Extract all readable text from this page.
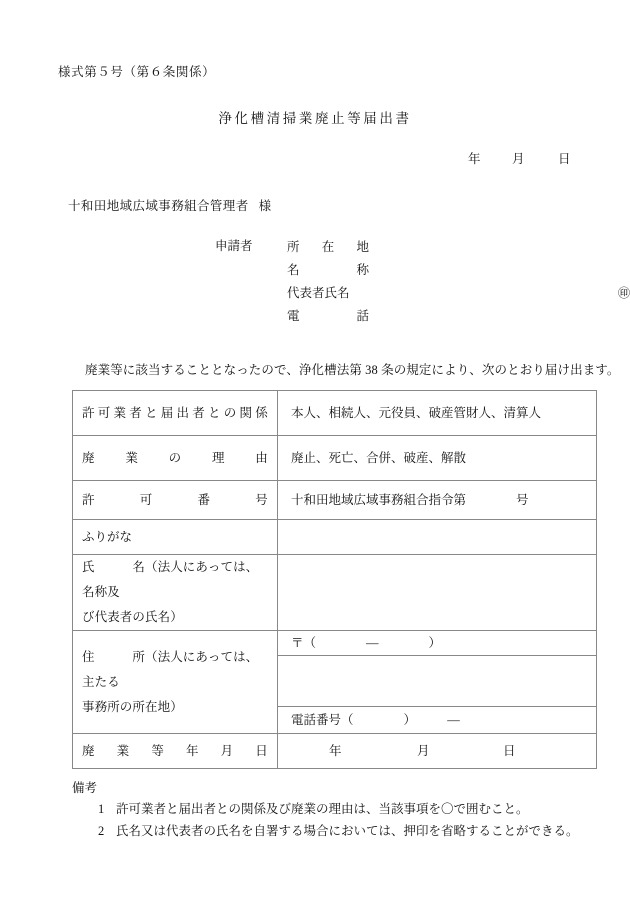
様式第５号（第６条関係）
浄化槽清掃業廃止等届出書
年	月	日
十和田地域広域事務組合管理者 様
申請者	所在地
名称
代表者氏名	㊞
電話
廃業等に該当することとなったので、浄化槽法第 38 条の規定により、次のとおり届け出ます。
許可業者と届出者との関係	本人、相続人、元役員、破産管財人、清算人

廃業の理由	廃止、死亡、合併、破産、解散

許可番号	十和田地域広域事務組合指令第　　　　号

ふりがな	

氏　　　名（法人にあっては、名称及
び代表者の氏名）	

住　　　所（法人にあっては、主たる
事務所の所在地）	〒（　　　　—　　　　）

	電話番号（　　　　）　　　—

廃業等年月日	年 月 日
備考
1 許可業者と届出者との関係及び廃業の理由は、当該事項を〇で囲むこと。
2 氏名又は代表者の氏名を自署する場合においては、押印を省略することができる。
